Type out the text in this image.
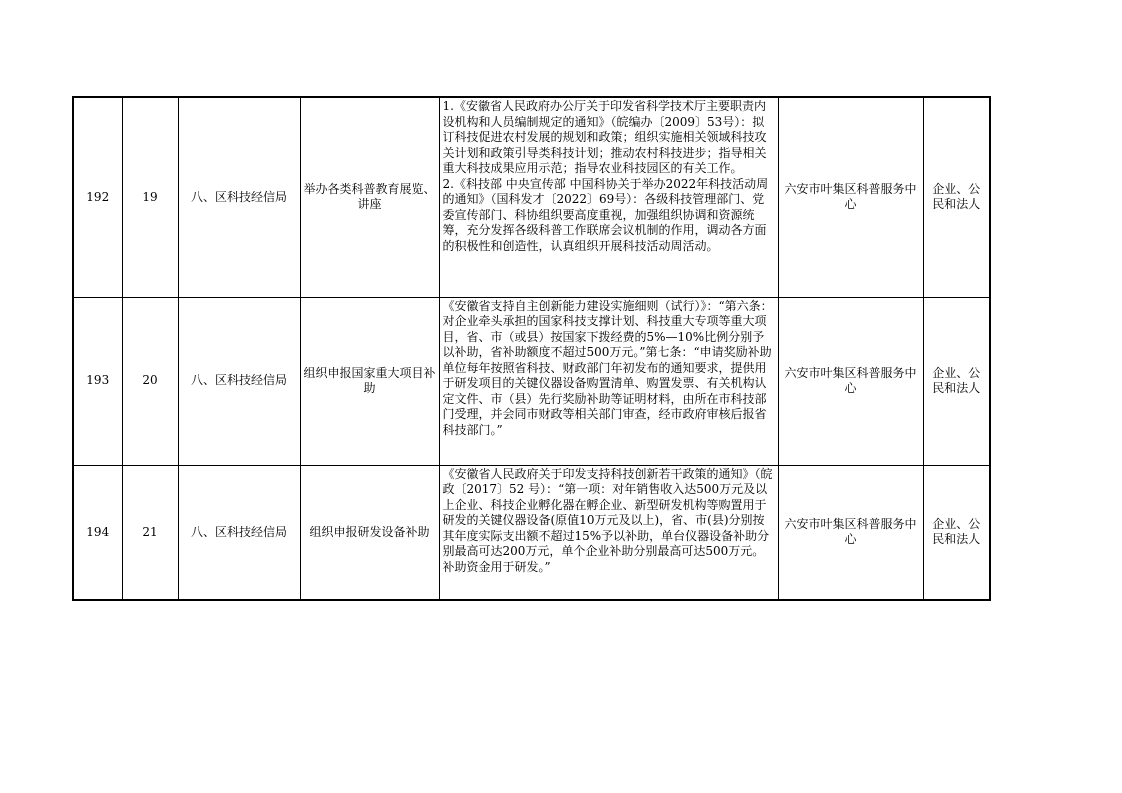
192	19	八、区科技经信局	举办各类科普教育展览、讲座	1.《安徽省人民政府办公厅关于印发省科学技术厅主要职责内设机构和人员编制规定的通知》（皖编办〔2009〕53号）：拟订科技促进农村发展的规划和政策；组织实施相关领域科技攻关计划和政策引导类科技计划；推动农村科技进步；指导相关重大科技成果应用示范；指导农业科技园区的有关工作。
2.《科技部 中央宣传部 中国科协关于举办2022年科技活动周的通知》（国科发才〔2022〕69号）：各级科技管理部门、党委宣传部门、科协组织要高度重视，加强组织协调和资源统筹，充分发挥各级科普工作联席会议机制的作用，调动各方面的积极性和创造性，认真组织开展科技活动周活动。	六安市叶集区科普服务中心	企业、公民和法人
193	20	八、区科技经信局	组织申报国家重大项目补助	《安徽省支持自主创新能力建设实施细则（试行）》：“第六条：对企业牵头承担的国家科技支撑计划、科技重大专项等重大项目，省、市（或县）按国家下拨经费的5%—10%比例分别予以补助，省补助额度不超过500万元。”第七条：“申请奖励补助单位每年按照省科技、财政部门年初发布的通知要求，提供用于研发项目的关键仪器设备购置清单、购置发票、有关机构认定文件、市（县）先行奖励补助等证明材料，由所在市科技部门受理，并会同市财政等相关部门审查，经市政府审核后报省科技部门。”	六安市叶集区科普服务中心	企业、公民和法人
194	21	八、区科技经信局	组织申报研发设备补助	《安徽省人民政府关于印发支持科技创新若干政策的通知》（皖政〔2017〕52 号）：“第一项：对年销售收入达500万元及以上企业、科技企业孵化器在孵企业、新型研发机构等购置用于研发的关键仪器设备(原值10万元及以上)，省、市(县)分别按其年度实际支出额不超过15%予以补助，单台仪器设备补助分别最高可达200万元，单个企业补助分别最高可达500万元。补助资金用于研发。”	六安市叶集区科普服务中心	企业、公民和法人
